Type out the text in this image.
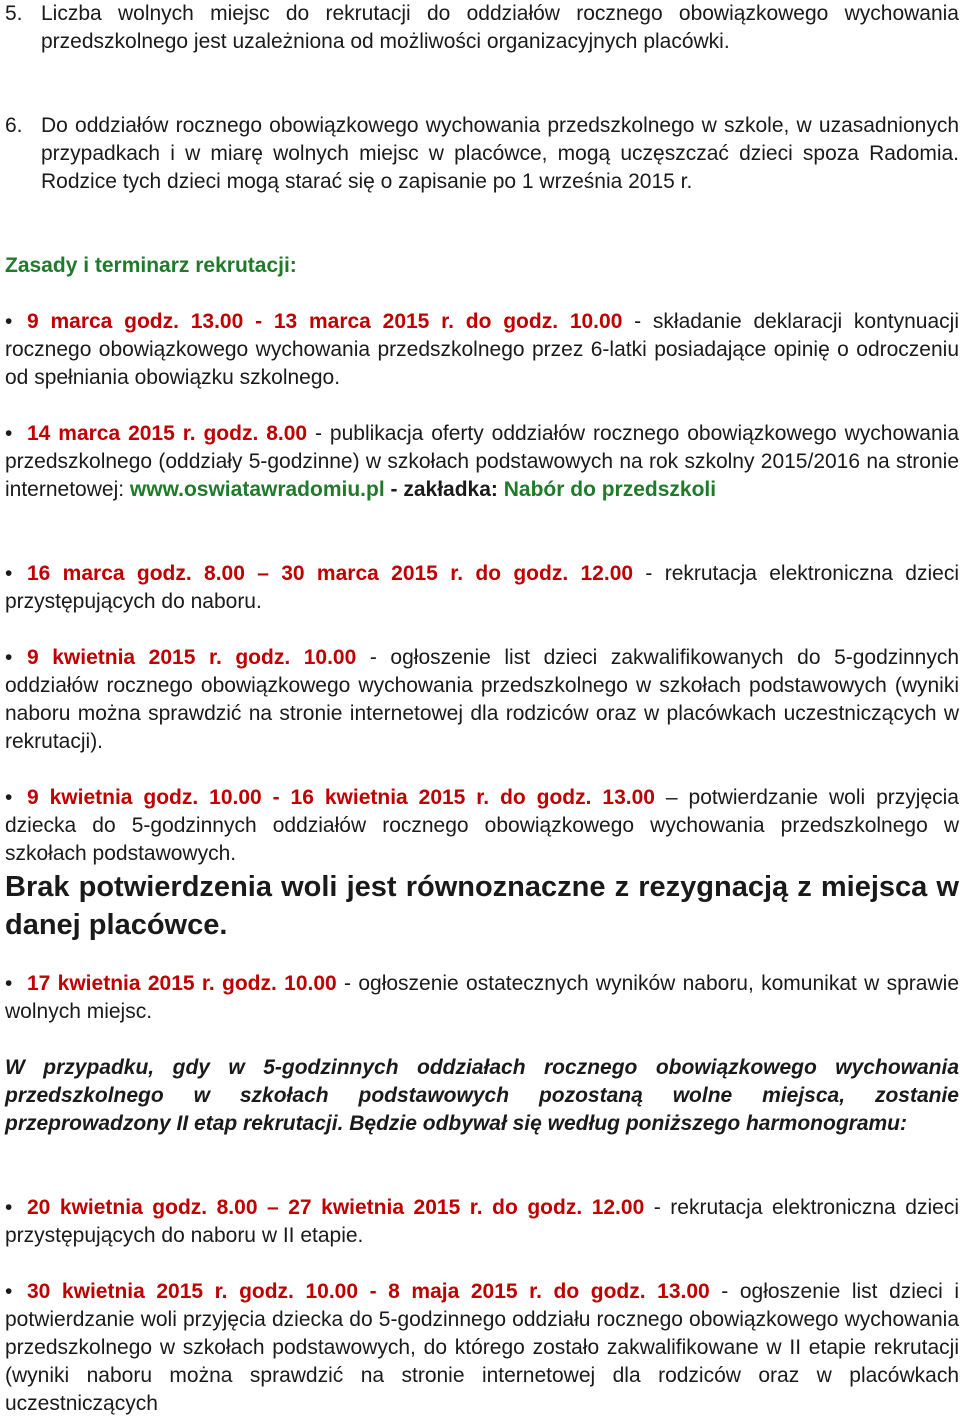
5. Liczba wolnych miejsc do rekrutacji do oddziałów rocznego obowiązkowego wychowania przedszkolnego jest uzależniona od możliwości organizacyjnych placówki.

6. Do oddziałów rocznego obowiązkowego wychowania przedszkolnego w szkole, w uzasadnionych przypadkach i w miarę wolnych miejsc w placówce, mogą uczęszczać dzieci spoza Radomia. Rodzice tych dzieci mogą starać się o zapisanie po 1 września 2015 r.

Zasady i terminarz rekrutacji:

• 9 marca godz. 13.00 - 13 marca 2015 r. do godz. 10.00 - składanie deklaracji kontynuacji rocznego obowiązkowego wychowania przedszkolnego przez 6-latki posiadające opinię o odroczeniu od spełniania obowiązku szkolnego.

• 14 marca 2015 r. godz. 8.00 - publikacja oferty oddziałów rocznego obowiązkowego wychowania przedszkolnego (oddziały 5-godzinne) w szkołach podstawowych na rok szkolny 2015/2016 na stronie internetowej: www.oswiatawradomiu.pl - zakładka: Nabór do przedszkoli

• 16 marca godz. 8.00 – 30 marca 2015 r. do godz. 12.00 - rekrutacja elektroniczna dzieci przystępujących do naboru.

• 9 kwietnia 2015 r. godz. 10.00 - ogłoszenie list dzieci zakwalifikowanych do 5-godzinnych oddziałów rocznego obowiązkowego wychowania przedszkolnego w szkołach podstawowych (wyniki naboru można sprawdzić na stronie internetowej dla rodziców oraz w placówkach uczestniczących w rekrutacji).

• 9 kwietnia godz. 10.00 - 16 kwietnia 2015 r. do godz. 13.00 – potwierdzanie woli przyjęcia dziecka do 5-godzinnych oddziałów rocznego obowiązkowego wychowania przedszkolnego w szkołach podstawowych.

Brak potwierdzenia woli jest równoznaczne z rezygnacją z miejsca w danej placówce.

• 17 kwietnia 2015 r. godz. 10.00 - ogłoszenie ostatecznych wyników naboru, komunikat w sprawie wolnych miejsc.

W przypadku, gdy w 5-godzinnych oddziałach rocznego obowiązkowego wychowania przedszkolnego w szkołach podstawowych pozostaną wolne miejsca, zostanie przeprowadzony II etap rekrutacji. Będzie odbywał się według poniższego harmonogramu:

• 20 kwietnia godz. 8.00 – 27 kwietnia 2015 r. do godz. 12.00 - rekrutacja elektroniczna dzieci przystępujących do naboru w II etapie.

• 30 kwietnia 2015 r. godz. 10.00 - 8 maja 2015 r. do godz. 13.00 - ogłoszenie list dzieci i potwierdzanie woli przyjęcia dziecka do 5-godzinnego oddziału rocznego obowiązkowego wychowania przedszkolnego w szkołach podstawowych, do którego zostało zakwalifikowane w II etapie rekrutacji (wyniki naboru można sprawdzić na stronie internetowej dla rodziców oraz w placówkach uczestniczących
